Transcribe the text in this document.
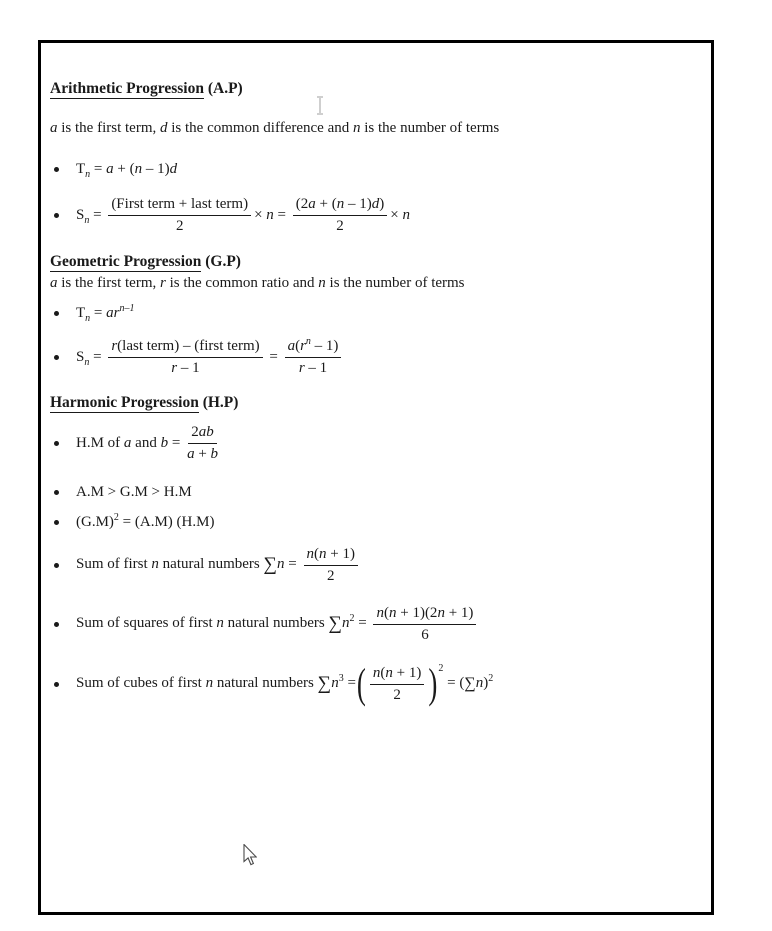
Arithmetic Progression (A.P)
a is the first term, d is the common difference and n is the number of terms
$T_n = a + (n - 1)d$
$S_n = \frac{\text{(First term + last term)}}{2} \times n = \frac{(2a + (n - 1)d)}{2} \times n$
Geometric Progression (G.P)
a is the first term, r is the common ratio and n is the number of terms
$T_n = ar^{n-1}$
$S_n = \frac{\text{r(last term) – (first term)}}{r - 1} = \frac{a(r^n - 1)}{r - 1}$
Harmonic Progression (H.P)
H.M of a and $b = \frac{2ab}{a + b}$
A.M > G.M > H.M
$(G.M)^2 = (A.M)$ (H.M)
Sum of first n natural numbers $\sum n = \frac{n(n + 1)}{2}$
Sum of squares of first n natural numbers $\sum n^2 = \frac{n(n + 1)(2n + 1)}{6}$
Sum of cubes of first n natural numbers $\sum n^3$ = ( $\frac{n(n + 1)}{2}$ ) 2
= $(\sum n)^2$
